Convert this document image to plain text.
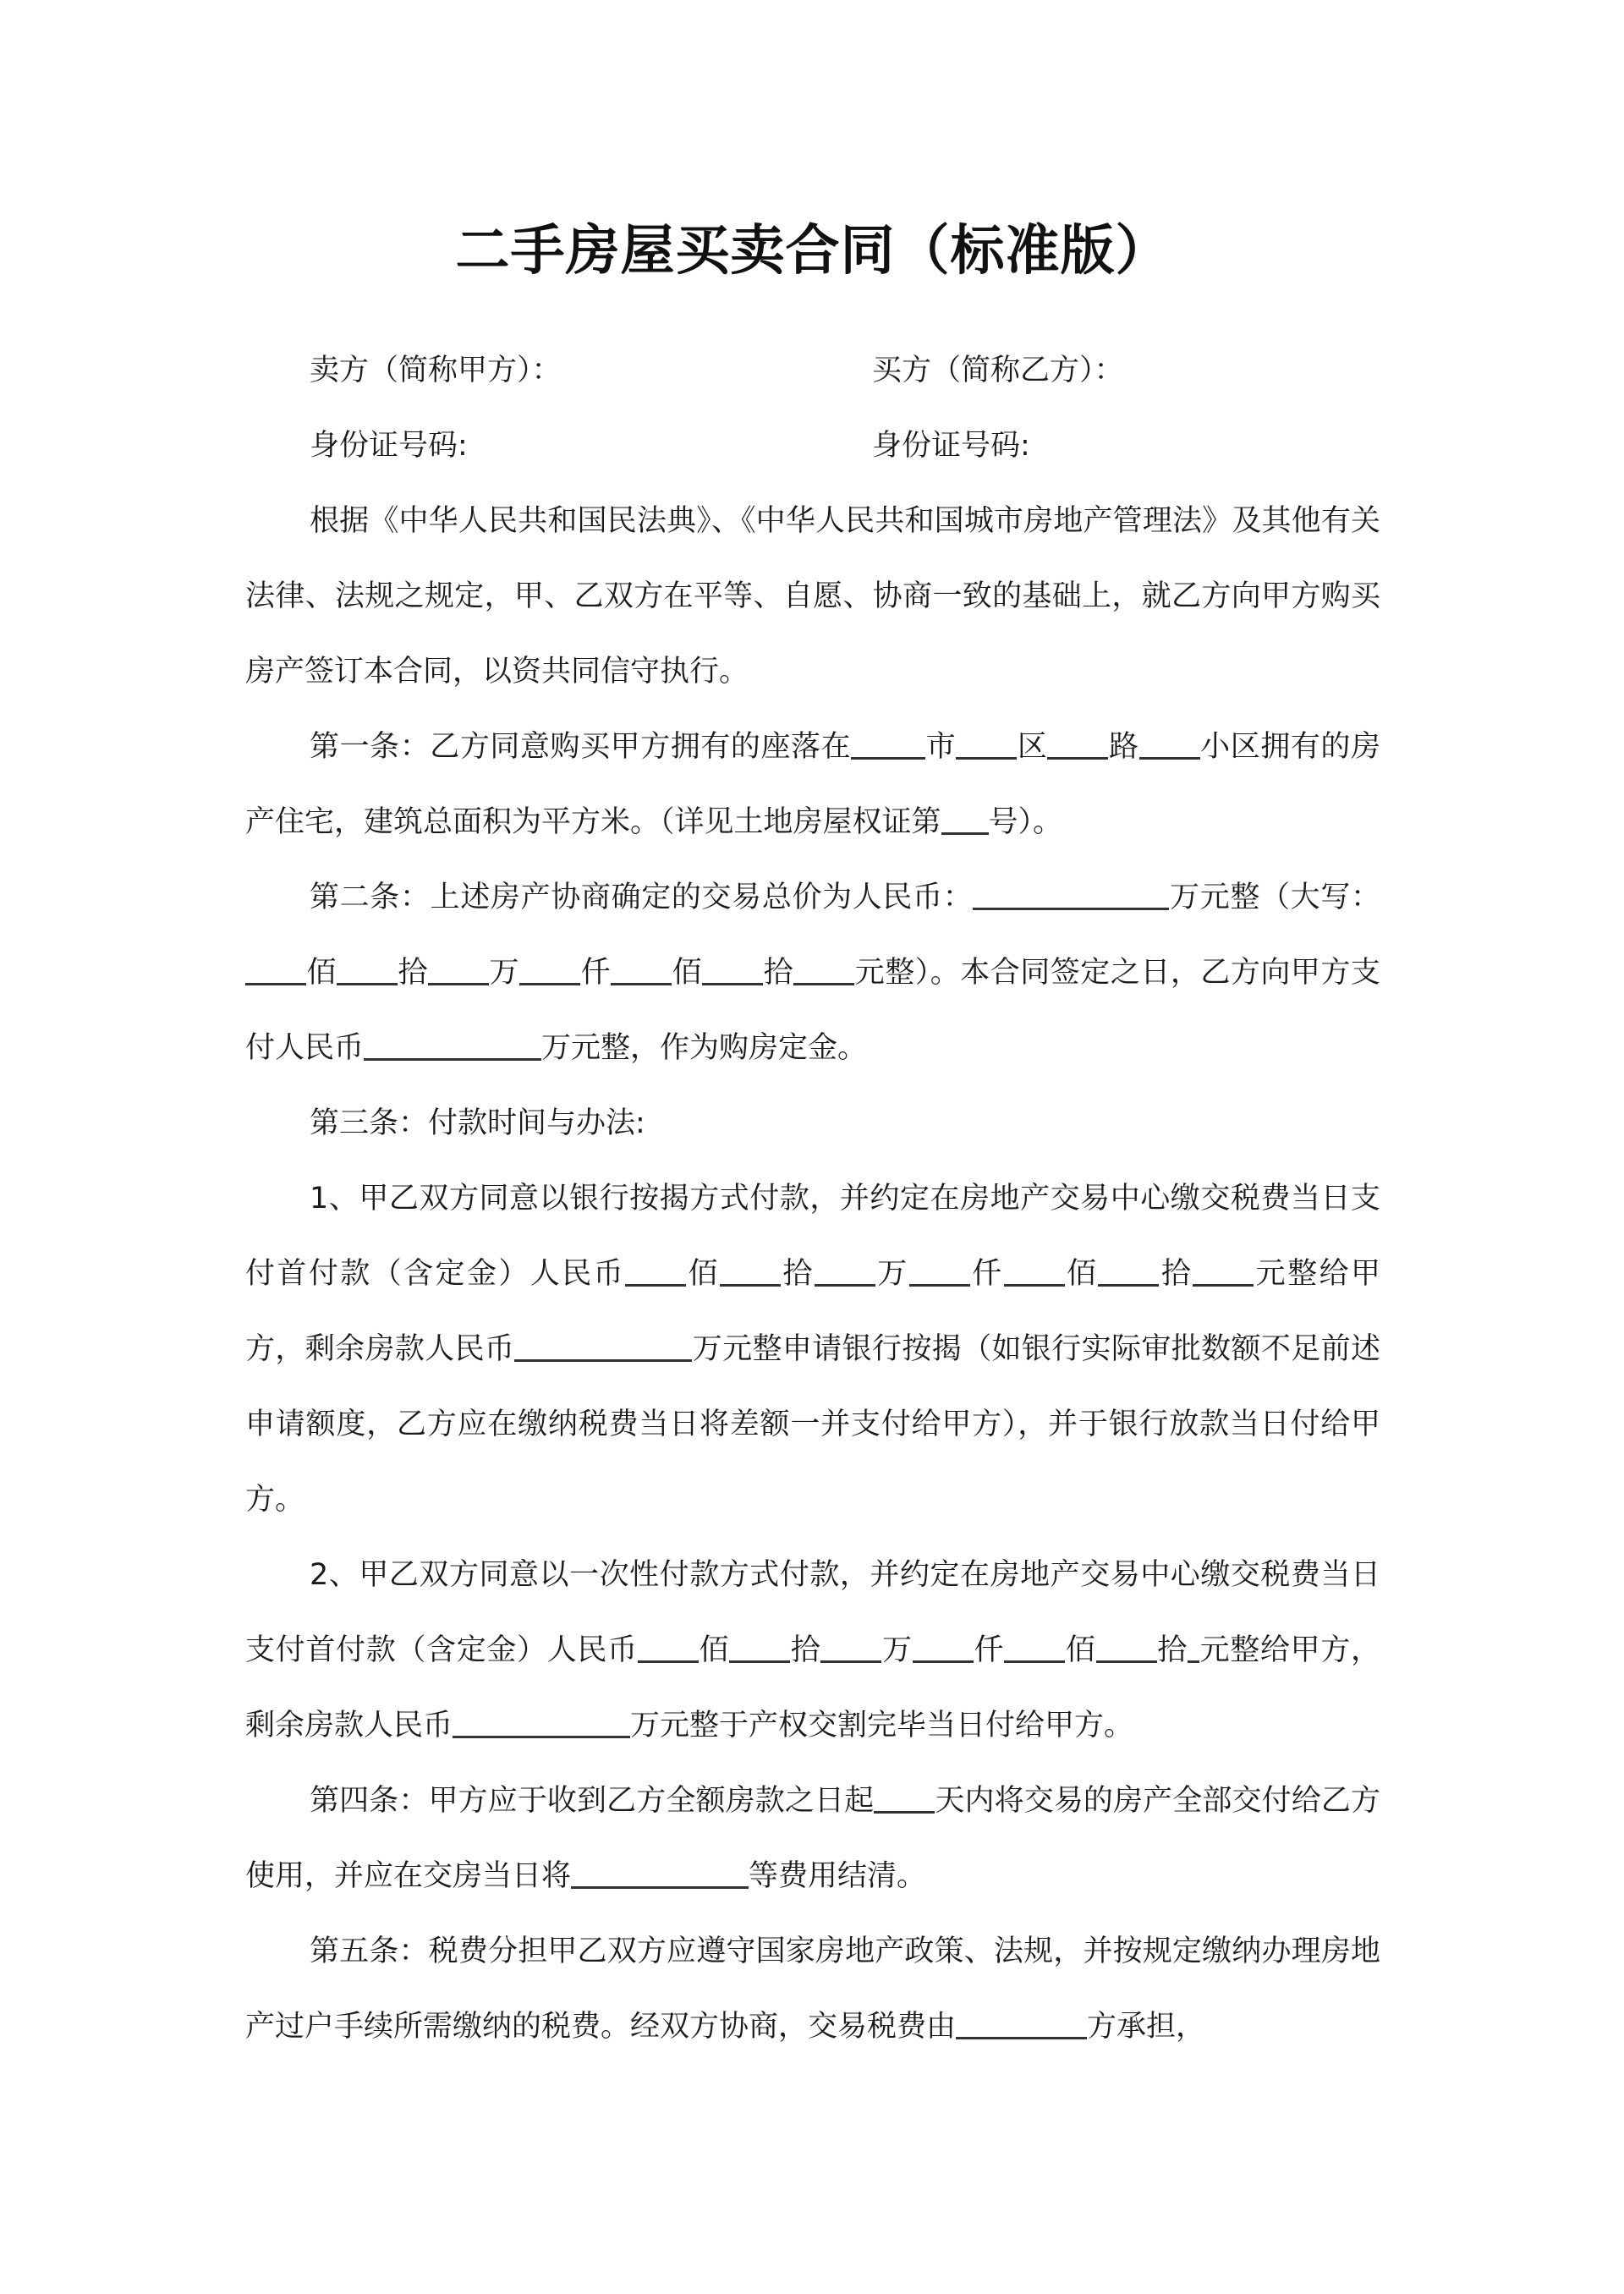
二手房屋买卖合同（标准版）
卖方（简称甲方）：	买方（简称乙方）：
身份证号码:	身份证号码:

根据《中华人民共和国民法典》、《中华人民共和国城市房地产管理法》及其他有关法律、法规之规定，甲、乙双方在平等、自愿、协商一致的基础上，就乙方向甲方购买房产签订本合同，以资共同信守执行。

第一条：乙方同意购买甲方拥有的座落在	市 区 路 小区拥有的房产住宅，建筑总面积为平方米。（详见土地房屋权证第 号）。

第二条：上述房产协商确定的交易总价为人民币：	万元整（大写：佰 拾 万 仟 佰 拾 元整）。本合同签定之日，乙方向甲方支付人民币	万元整，作为购房定金。

第三条：付款时间与办法:

1、甲乙双方同意以银行按揭方式付款，并约定在房地产交易中心缴交税费当日支付首付款（含定金）人民币 佰 拾 万 仟 佰 拾 元整给甲方，剩余房款人民币	万元整申请银行按揭（如银行实际审批数额不足前述申请额度，乙方应在缴纳税费当日将差额一并支付给甲方），并于银行放款当日付给甲方。

2、甲乙双方同意以一次性付款方式付款，并约定在房地产交易中心缴交税费当日支付首付款（含定金）人民币 佰 拾 万 仟 佰 拾 元整给甲方，剩余房款人民币	万元整于产权交割完毕当日付给甲方。

第四条：甲方应于收到乙方全额房款之日起 天内将交易的房产全部交付给乙方使用，并应在交房当日将	等费用结清。

第五条：税费分担甲乙双方应遵守国家房地产政策、法规，并按规定缴纳办理房地产过户手续所需缴纳的税费。经双方协商，交易税费由	方承担，
